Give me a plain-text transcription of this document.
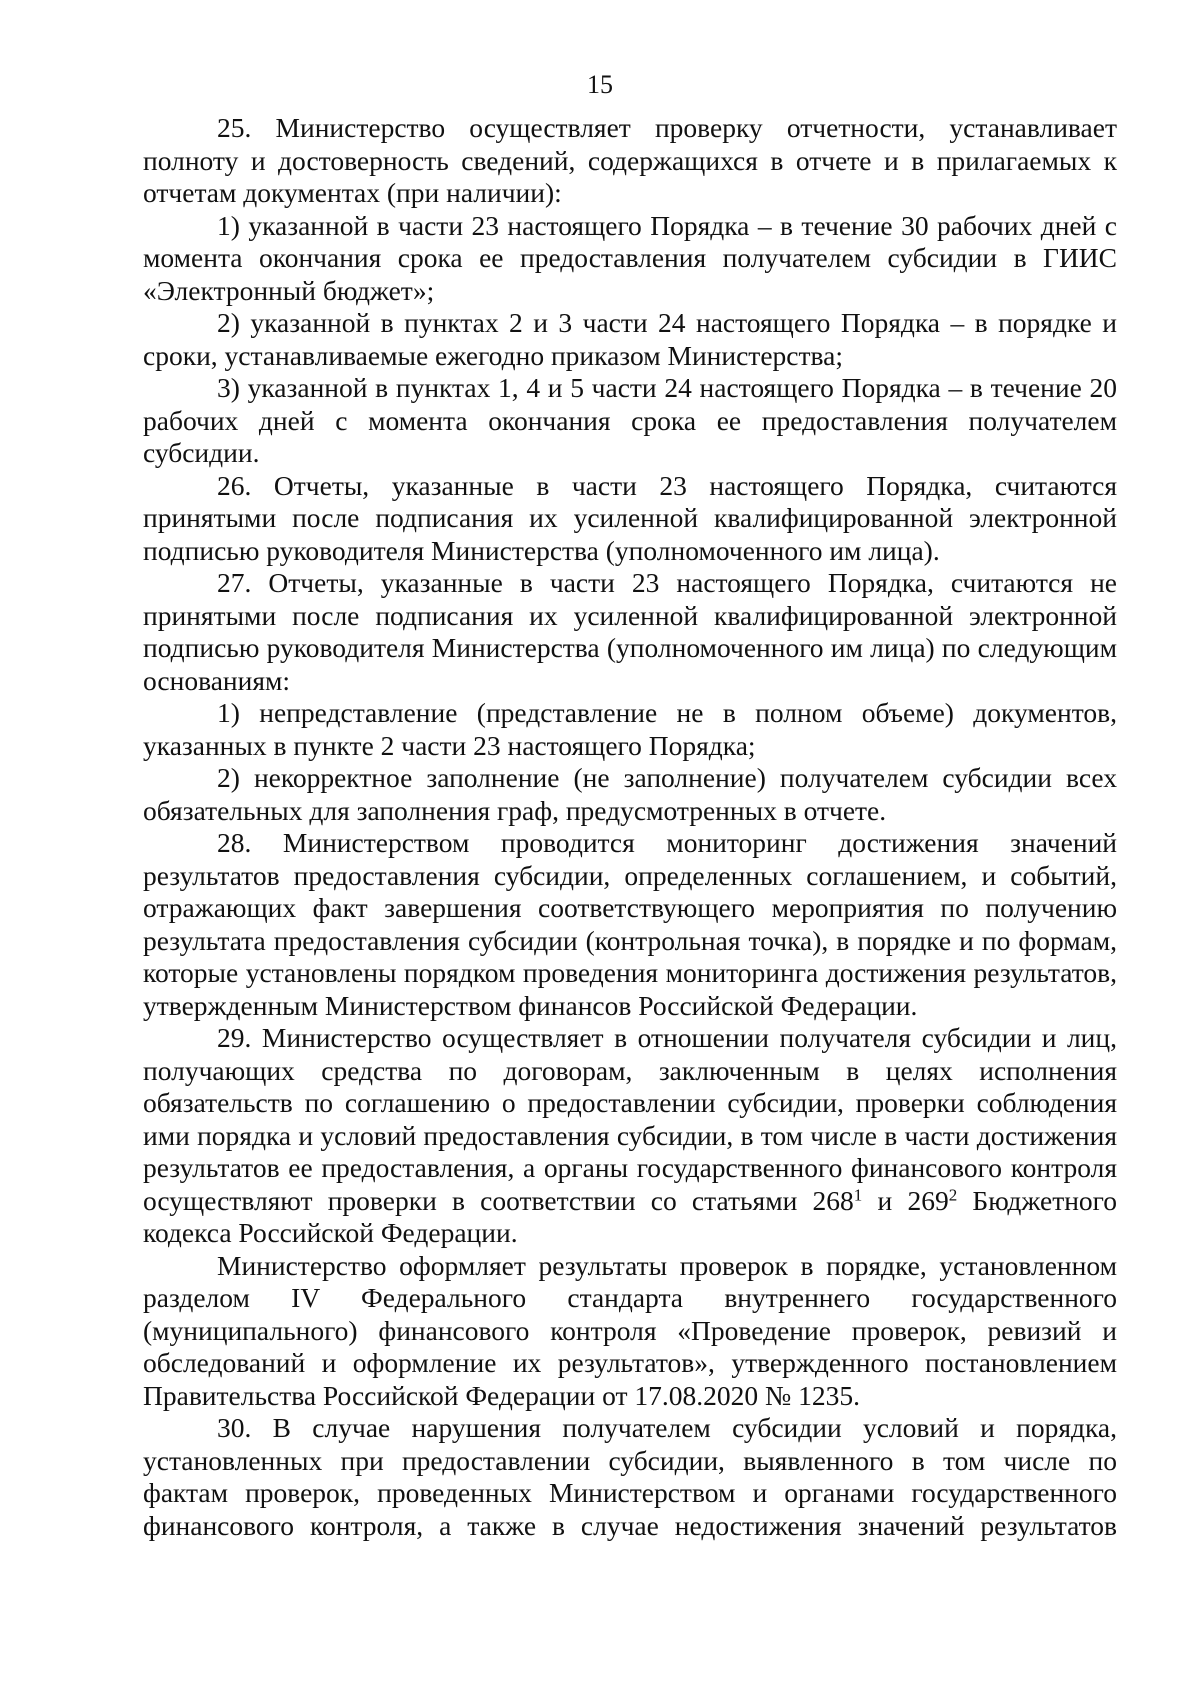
15

25. Министерство осуществляет проверку отчетности, устанавливает полноту и достоверность сведений, содержащихся в отчете и в прилагаемых к отчетам документах (при наличии):

1) указанной в части 23 настоящего Порядка – в течение 30 рабочих дней с момента окончания срока ее предоставления получателем субсидии в ГИИС «Электронный бюджет»;

2) указанной в пунктах 2 и 3 части 24 настоящего Порядка – в порядке и сроки, устанавливаемые ежегодно приказом Министерства;

3) указанной в пунктах 1, 4 и 5 части 24 настоящего Порядка – в течение 20 рабочих дней с момента окончания срока ее предоставления получателем субсидии.

26. Отчеты, указанные в части 23 настоящего Порядка, считаются принятыми после подписания их усиленной квалифицированной электронной подписью руководителя Министерства (уполномоченного им лица).

27. Отчеты, указанные в части 23 настоящего Порядка, считаются не принятыми после подписания их усиленной квалифицированной электронной подписью руководителя Министерства (уполномоченного им лица) по следующим основаниям:

1) непредставление (представление не в полном объеме) документов, указанных в пункте 2 части 23 настоящего Порядка;

2) некорректное заполнение (не заполнение) получателем субсидии всех обязательных для заполнения граф, предусмотренных в отчете.

28. Министерством проводится мониторинг достижения значений результатов предоставления субсидии, определенных соглашением, и событий, отражающих факт завершения соответствующего мероприятия по получению результата предоставления субсидии (контрольная точка), в порядке и по формам, которые установлены порядком проведения мониторинга достижения результатов, утвержденным Министерством финансов Российской Федерации.

29. Министерство осуществляет в отношении получателя субсидии и лиц, получающих средства по договорам, заключенным в целях исполнения обязательств по соглашению о предоставлении субсидии, проверки соблюдения ими порядка и условий предоставления субсидии, в том числе в части достижения результатов ее предоставления, а органы государственного финансового контроля осуществляют проверки в соответствии со статьями $268^1$ и $269^2$ Бюджетного кодекса Российской Федерации.

Министерство оформляет результаты проверок в порядке, установленном разделом IV Федерального стандарта внутреннего государственного (муниципального) финансового контроля «Проведение проверок, ревизий и обследований и оформление их результатов», утвержденного постановлением Правительства Российской Федерации от 17.08.2020 № 1235.

30. В случае нарушения получателем субсидии условий и порядка, установленных при предоставлении субсидии, выявленного в том числе по фактам проверок, проведенных Министерством и органами государственного финансового контроля, а также в случае недостижения значений результатов
